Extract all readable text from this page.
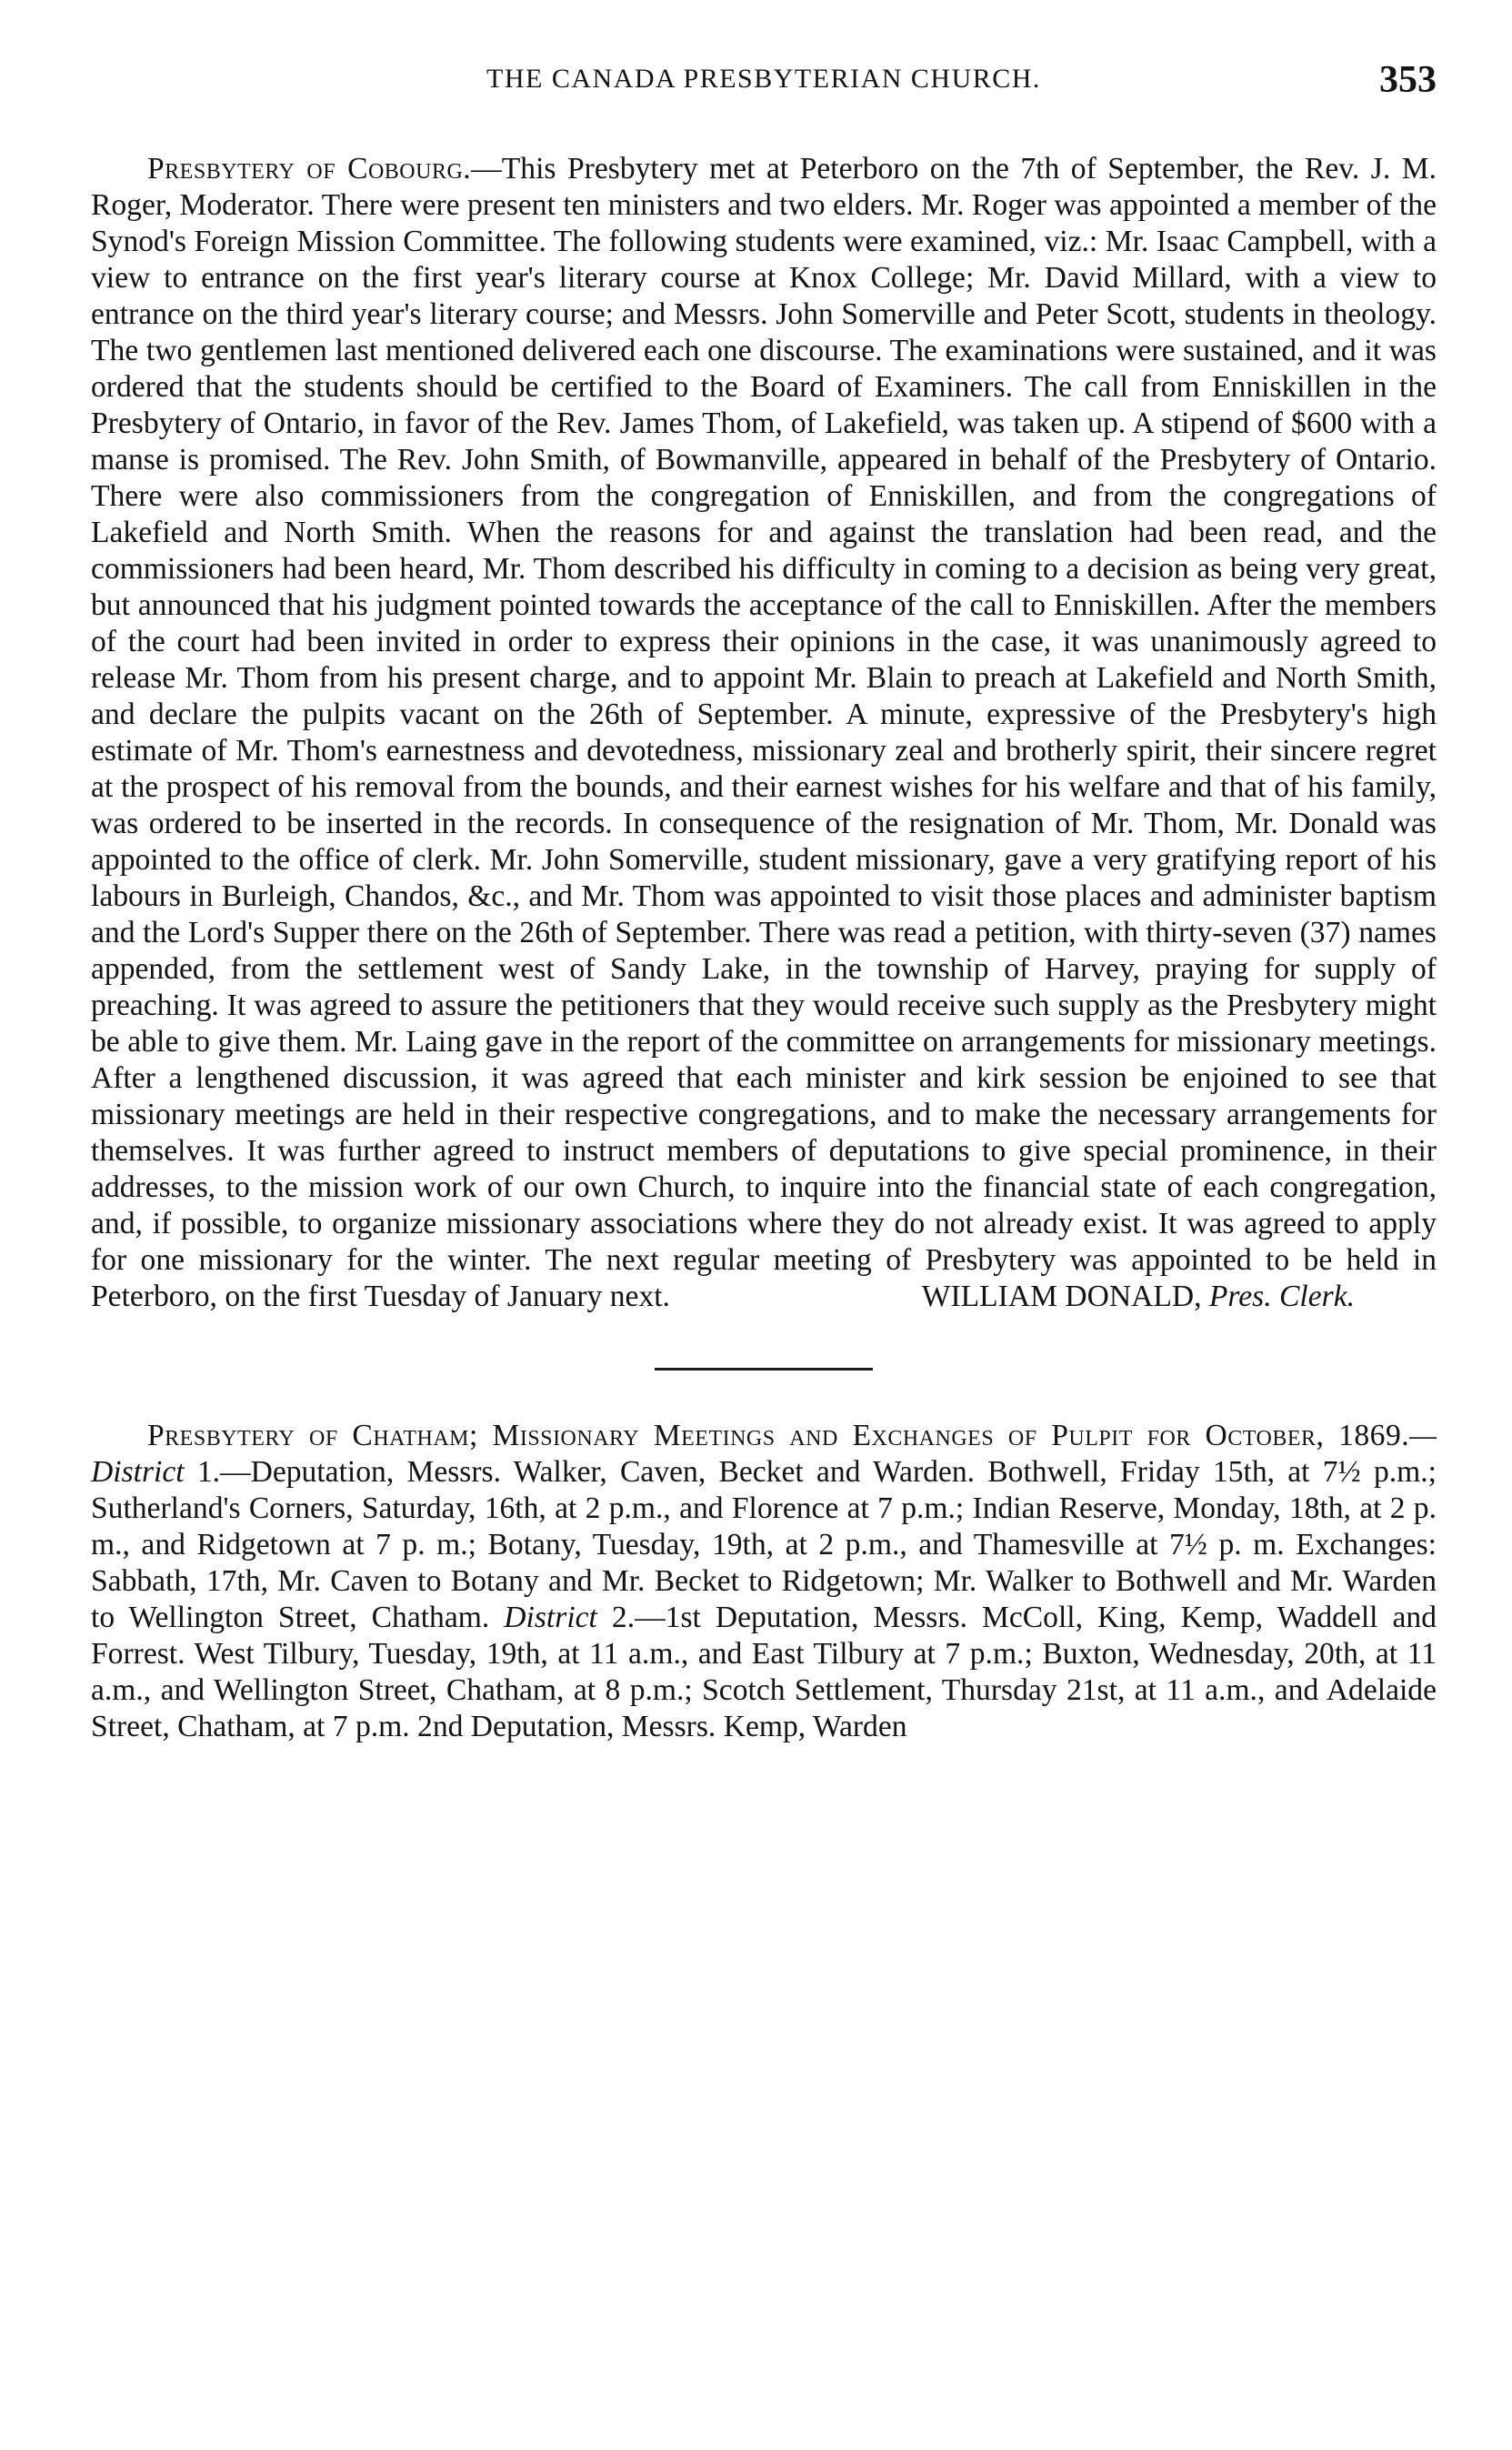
THE CANADA PRESBYTERIAN CHURCH.	353

Presbytery of Cobourg.—This Presbytery met at Peterboro on the 7th of September, the Rev. J. M. Roger, Moderator. There were present ten ministers and two elders. Mr. Roger was appointed a member of the Synod's Foreign Mission Committee. The following students were examined, viz.: Mr. Isaac Campbell, with a view to entrance on the first year's literary course at Knox College; Mr. David Millard, with a view to entrance on the third year's literary course; and Messrs. John Somerville and Peter Scott, students in theology. The two gentlemen last mentioned delivered each one discourse. The examinations were sustained, and it was ordered that the students should be certified to the Board of Examiners. The call from Enniskillen in the Presbytery of Ontario, in favor of the Rev. James Thom, of Lakefield, was taken up. A stipend of $600 with a manse is promised. The Rev. John Smith, of Bowmanville, appeared in behalf of the Presbytery of Ontario. There were also commissioners from the congregation of Enniskillen, and from the congregations of Lakefield and North Smith. When the reasons for and against the translation had been read, and the commissioners had been heard, Mr. Thom described his difficulty in coming to a decision as being very great, but announced that his judgment pointed towards the acceptance of the call to Enniskillen. After the members of the court had been invited in order to express their opinions in the case, it was unanimously agreed to release Mr. Thom from his present charge, and to appoint Mr. Blain to preach at Lakefield and North Smith, and declare the pulpits vacant on the 26th of September. A minute, expressive of the Presbytery's high estimate of Mr. Thom's earnestness and devotedness, missionary zeal and brotherly spirit, their sincere regret at the prospect of his removal from the bounds, and their earnest wishes for his welfare and that of his family, was ordered to be inserted in the records. In consequence of the resignation of Mr. Thom, Mr. Donald was appointed to the office of clerk. Mr. John Somerville, student missionary, gave a very gratifying report of his labours in Burleigh, Chandos, &c., and Mr. Thom was appointed to visit those places and administer baptism and the Lord's Supper there on the 26th of September. There was read a petition, with thirty-seven (37) names appended, from the settlement west of Sandy Lake, in the township of Harvey, praying for supply of preaching. It was agreed to assure the petitioners that they would receive such supply as the Presbytery might be able to give them. Mr. Laing gave in the report of the committee on arrangements for missionary meetings. After a lengthened discussion, it was agreed that each minister and kirk session be enjoined to see that missionary meetings are held in their respective congregations, and to make the necessary arrangements for themselves. It was further agreed to instruct members of deputations to give special prominence, in their addresses, to the mission work of our own Church, to inquire into the financial state of each congregation, and, if possible, to organize missionary associations where they do not already exist. It was agreed to apply for one missionary for the winter. The next regular meeting of Presbytery was appointed to be held in Peterboro, on the first Tuesday of January next.	WILLIAM DONALD, Pres. Clerk.

Presbytery of Chatham; Missionary Meetings and Exchanges of Pulpit for October, 1869.—District 1.—Deputation, Messrs. Walker, Caven, Becket and Warden. Bothwell, Friday 15th, at 7½ p.m.; Sutherland's Corners, Saturday, 16th, at 2 p.m., and Florence at 7 p.m.; Indian Reserve, Monday, 18th, at 2 p. m., and Ridgetown at 7 p. m.; Botany, Tuesday, 19th, at 2 p.m., and Thamesville at 7½ p. m. Exchanges: Sabbath, 17th, Mr. Caven to Botany and Mr. Becket to Ridgetown; Mr. Walker to Bothwell and Mr. Warden to Wellington Street, Chatham. District 2.—1st Deputation, Messrs. McColl, King, Kemp, Waddell and Forrest. West Tilbury, Tuesday, 19th, at 11 a.m., and East Tilbury at 7 p.m.; Buxton, Wednesday, 20th, at 11 a.m., and Wellington Street, Chatham, at 8 p.m.; Scotch Settlement, Thursday 21st, at 11 a.m., and Adelaide Street, Chatham, at 7 p.m. 2nd Deputation, Messrs. Kemp, Warden
